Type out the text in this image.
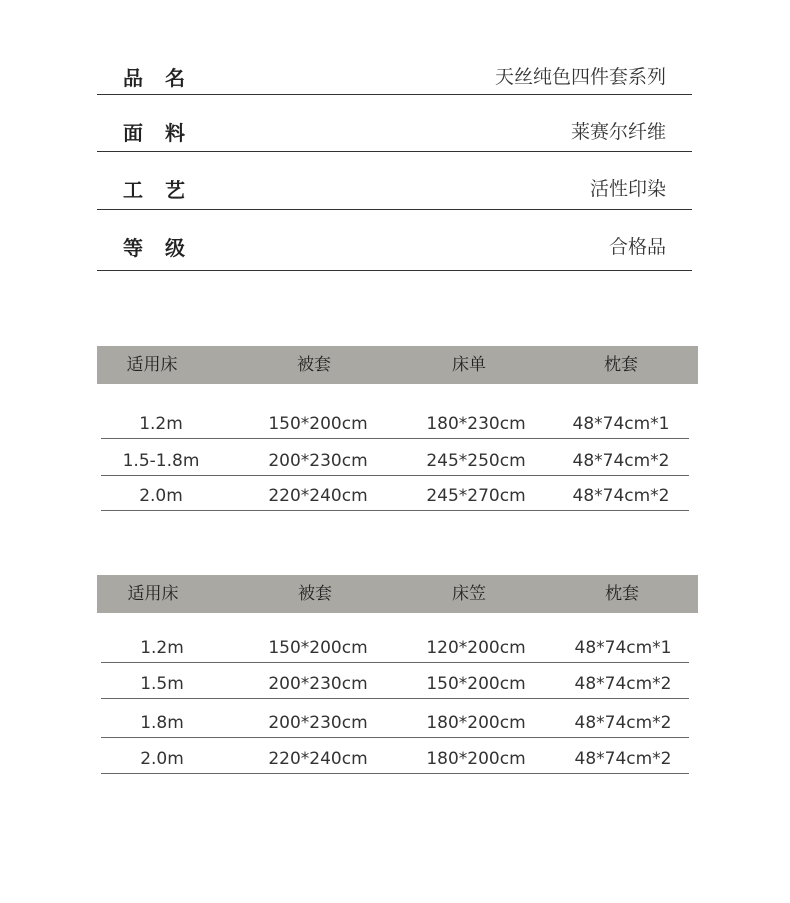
品名	天丝纯色四件套系列
面料	莱赛尔纤维
工艺	活性印染
等级	合格品
适用床	被套	床单	枕套
1.2m	150*200cm	180*230cm	48*74cm*1
1.5-1.8m	200*230cm	245*250cm	48*74cm*2
2.0m	220*240cm	245*270cm	48*74cm*2
适用床	被套	床笠	枕套
1.2m	150*200cm	120*200cm	48*74cm*1
1.5m	200*230cm	150*200cm	48*74cm*2
1.8m	200*230cm	180*200cm	48*74cm*2
2.0m	220*240cm	180*200cm	48*74cm*2
